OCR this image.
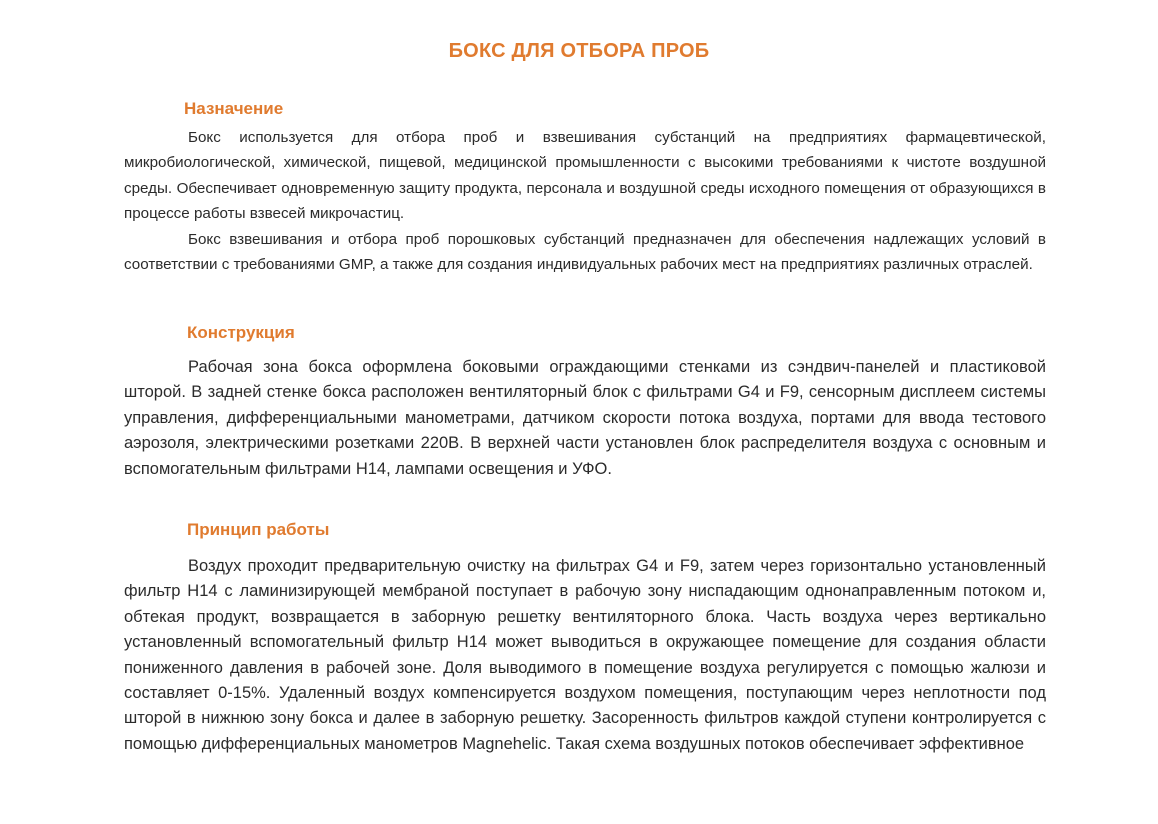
БОКС ДЛЯ ОТБОРА ПРОБ
Назначение

Бокс используется для отбора проб и взвешивания субстанций на предприятиях фармацевтической, микробиологической, химической, пищевой, медицинской промышленности с высокими требованиями к чистоте воздушной среды. Обеспечивает одновременную защиту продукта, персонала и воздушной среды исходного помещения от образующихся в процессе работы взвесей микрочастиц.

Бокс взвешивания и отбора проб порошковых субстанций предназначен для обеспечения надлежащих условий в соответствии с требованиями GMP, а также для создания индивидуальных рабочих мест на предприятиях различных отраслей.

Конструкция

Рабочая зона бокса оформлена боковыми ограждающими стенками из сэндвич-панелей и пластиковой шторой. В задней стенке бокса расположен вентиляторный блок с фильтрами G4 и F9, сенсорным дисплеем системы управления, дифференциальными манометрами, датчиком скорости потока воздуха, портами для ввода тестового аэрозоля, электрическими розетками 220В. В верхней части установлен блок распределителя воздуха с основным и вспомогательным фильтрами Н14, лампами освещения и УФО.

Принцип работы

Воздух проходит предварительную очистку на фильтрах G4 и F9, затем через горизонтально установленный фильтр Н14 с ламинизирующей мембраной поступает в рабочую зону ниспадающим однонаправленным потоком и, обтекая продукт, возвращается в заборную решетку вентиляторного блока. Часть воздуха через вертикально установленный вспомогательный фильтр Н14 может выводиться в окружающее помещение для создания области пониженного давления в рабочей зоне. Доля выводимого в помещение воздуха регулируется с помощью жалюзи и составляет 0-15%. Удаленный воздух компенсируется воздухом помещения, поступающим через неплотности под шторой в нижнюю зону бокса и далее в заборную решетку. Засоренность фильтров каждой ступени контролируется с помощью дифференциальных манометров Magnehelic. Такая схема воздушных потоков обеспечивает эффективное
